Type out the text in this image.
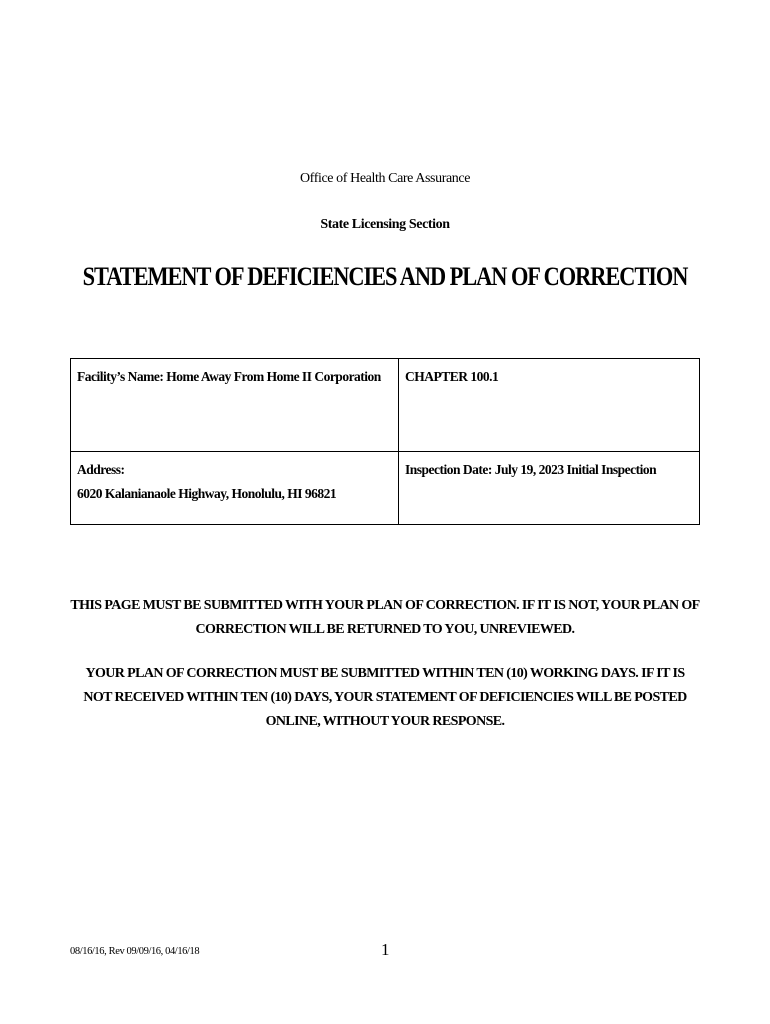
Office of Health Care Assurance
State Licensing Section
STATEMENT OF DEFICIENCIES AND PLAN OF CORRECTION
Facility’s Name: Home Away From Home II Corporation	CHAPTER 100.1

Address:
6020 Kalanianaole Highway, Honolulu, HI 96821	Inspection Date: July 19, 2023 Initial Inspection
THIS PAGE MUST BE SUBMITTED WITH YOUR PLAN OF CORRECTION. IF IT IS NOT, YOUR PLAN OF CORRECTION WILL BE RETURNED TO YOU, UNREVIEWED.
YOUR PLAN OF CORRECTION MUST BE SUBMITTED WITHIN TEN (10) WORKING DAYS. IF IT IS NOT RECEIVED WITHIN TEN (10) DAYS, YOUR STATEMENT OF DEFICIENCIES WILL BE POSTED ONLINE, WITHOUT YOUR RESPONSE.
08/16/16, Rev 09/09/16, 04/16/18	1
